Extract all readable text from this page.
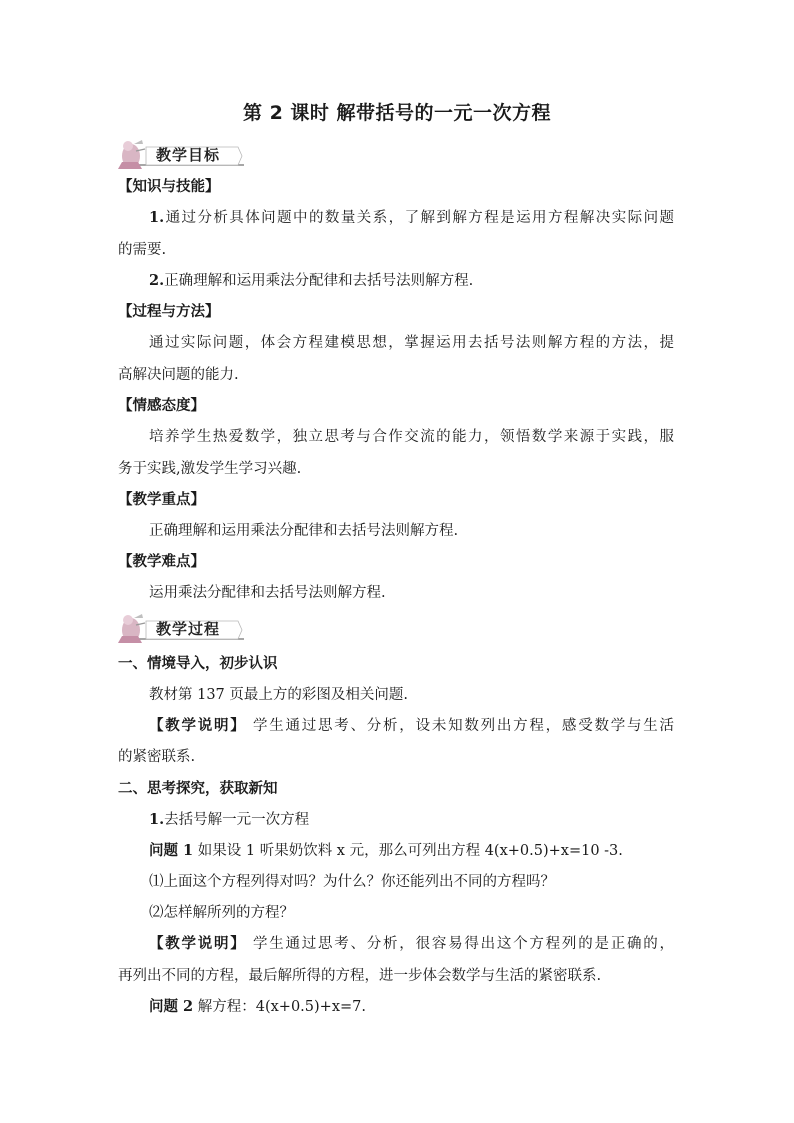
第 2 课时 解带括号的一元一次方程
教学目标
【知识与技能】
1.通过分析具体问题中的数量关系，了解到解方程是运用方程解决实际问题
的需要.
2.正确理解和运用乘法分配律和去括号法则解方程.
【过程与方法】
通过实际问题，体会方程建模思想，掌握运用去括号法则解方程的方法，提
高解决问题的能力.
【情感态度】
培养学生热爱数学，独立思考与合作交流的能力，领悟数学来源于实践，服
务于实践,激发学生学习兴趣.
【教学重点】
正确理解和运用乘法分配律和去括号法则解方程.
【教学难点】
运用乘法分配律和去括号法则解方程.
教学过程
一、情境导入，初步认识
教材第 137 页最上方的彩图及相关问题.
【教学说明】 学生通过思考、分析，设未知数列出方程，感受数学与生活
的紧密联系.
二、思考探究，获取新知
1.去括号解一元一次方程
问题 1 如果设 1 听果奶饮料 x 元，那么可列出方程 4(x+0.5)+x=10 -3.
⑴上面这个方程列得对吗？为什么？你还能列出不同的方程吗？
⑵怎样解所列的方程？
【教学说明】 学生通过思考、分析，很容易得出这个方程列的是正确的，
再列出不同的方程，最后解所得的方程，进一步体会数学与生活的紧密联系.
问题 2 解方程：4(x+0.5)+x=7.
